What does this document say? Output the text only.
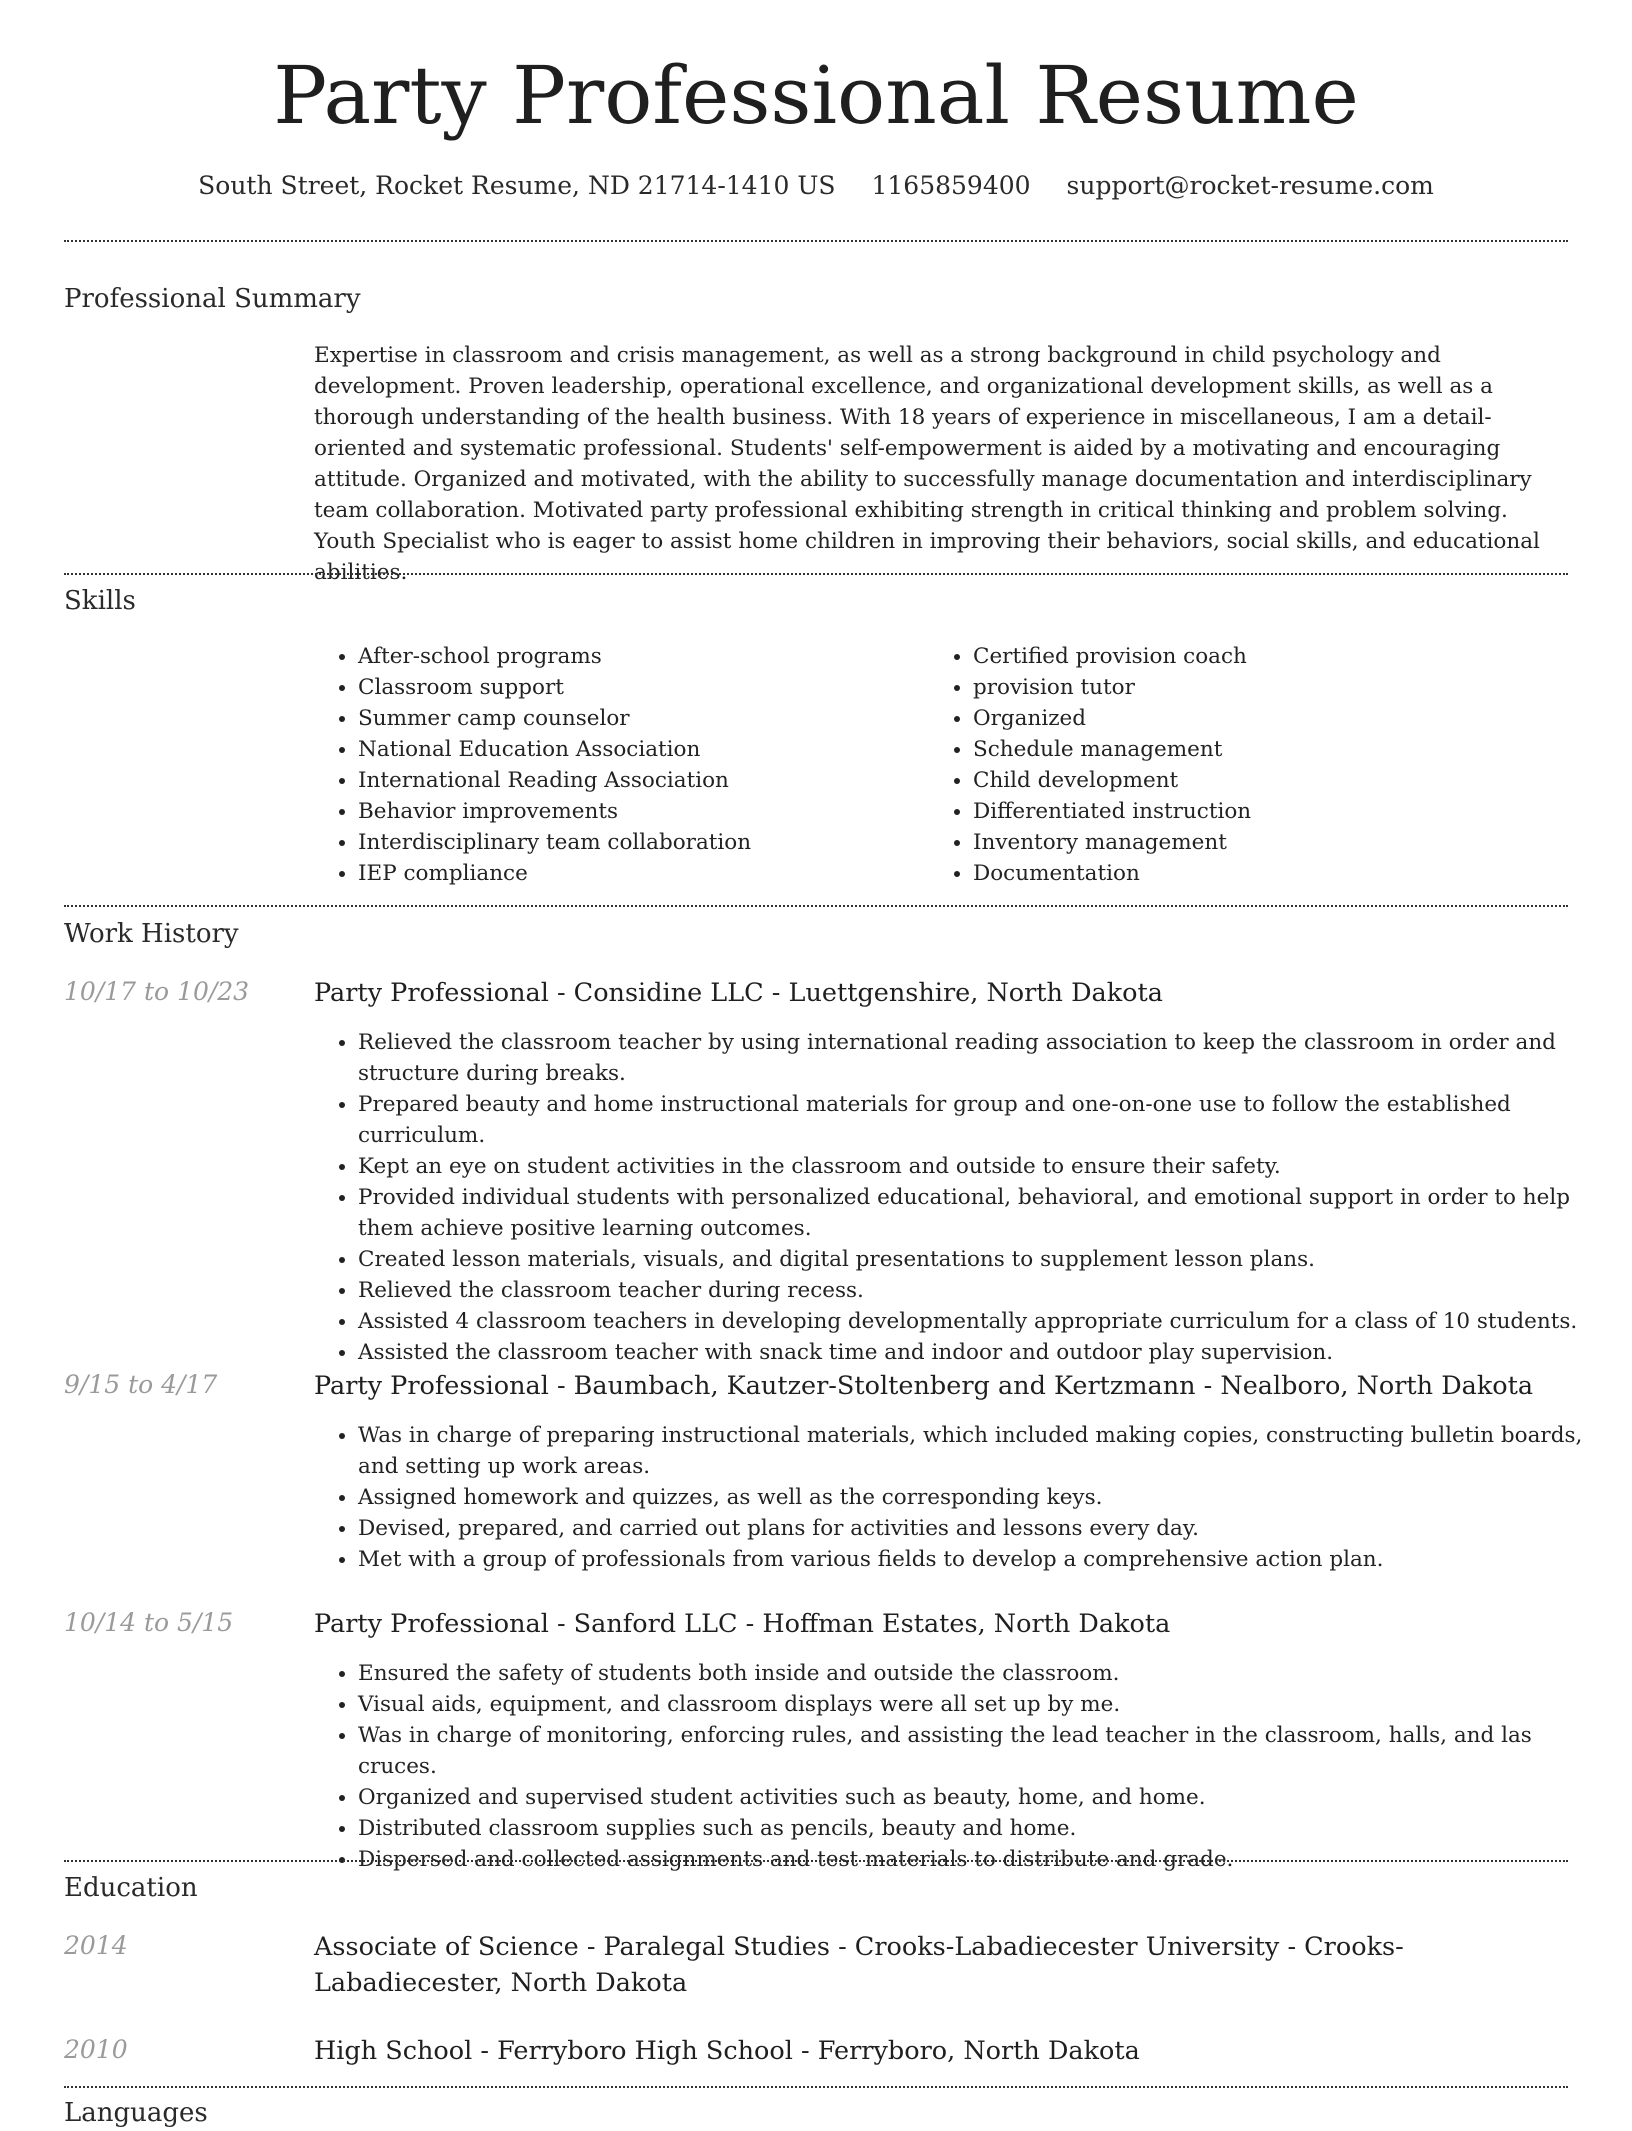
Party Professional Resume
South Street, Rocket Resume, ND 21714-1410 US 1165859400 support@rocket-resume.com
Professional Summary

Expertise in classroom and crisis management, as well as a strong background in child psychology and development. Proven leadership, operational excellence, and organizational development skills, as well as a thorough understanding of the health business. With 18 years of experience in miscellaneous, I am a detail-oriented and systematic professional. Students' self-empowerment is aided by a motivating and encouraging attitude. Organized and motivated, with the ability to successfully manage documentation and interdisciplinary team collaboration. Motivated party professional exhibiting strength in critical thinking and problem solving. Youth Specialist who is eager to assist home children in improving their behaviors, social skills, and educational abilities.

Skills
• After-school programs
• Classroom support
• Summer camp counselor
• National Education Association
• International Reading Association
• Behavior improvements
• Interdisciplinary team collaboration
• IEP compliance
• Certified provision coach
• provision tutor
• Organized
• Schedule management
• Child development
• Differentiated instruction
• Inventory management
• Documentation
Work History
10/17 to 10/23	Party Professional - Considine LLC - Luettgenshire, North Dakota
• Relieved the classroom teacher by using international reading association to keep the classroom in order and structure during breaks.
• Prepared beauty and home instructional materials for group and one-on-one use to follow the established curriculum.
• Kept an eye on student activities in the classroom and outside to ensure their safety.
• Provided individual students with personalized educational, behavioral, and emotional support in order to help them achieve positive learning outcomes.
• Created lesson materials, visuals, and digital presentations to supplement lesson plans.
• Relieved the classroom teacher during recess.
• Assisted 4 classroom teachers in developing developmentally appropriate curriculum for a class of 10 students.
• Assisted the classroom teacher with snack time and indoor and outdoor play supervision.
9/15 to 4/17	Party Professional - Baumbach, Kautzer-Stoltenberg and Kertzmann - Nealboro, North Dakota
• Was in charge of preparing instructional materials, which included making copies, constructing bulletin boards, and setting up work areas.
• Assigned homework and quizzes, as well as the corresponding keys.
• Devised, prepared, and carried out plans for activities and lessons every day.
• Met with a group of professionals from various fields to develop a comprehensive action plan.
10/14 to 5/15	Party Professional - Sanford LLC - Hoffman Estates, North Dakota
• Ensured the safety of students both inside and outside the classroom.
• Visual aids, equipment, and classroom displays were all set up by me.
• Was in charge of monitoring, enforcing rules, and assisting the lead teacher in the classroom, halls, and las cruces.
• Organized and supervised student activities such as beauty, home, and home.
• Distributed classroom supplies such as pencils, beauty and home.
• Dispersed and collected assignments and test materials to distribute and grade.
Education
2014	Associate of Science - Paralegal Studies - Crooks-Labadiecester University - Crooks-Labadiecester, North Dakota
2010	High School - Ferryboro High School - Ferryboro, North Dakota
Languages
